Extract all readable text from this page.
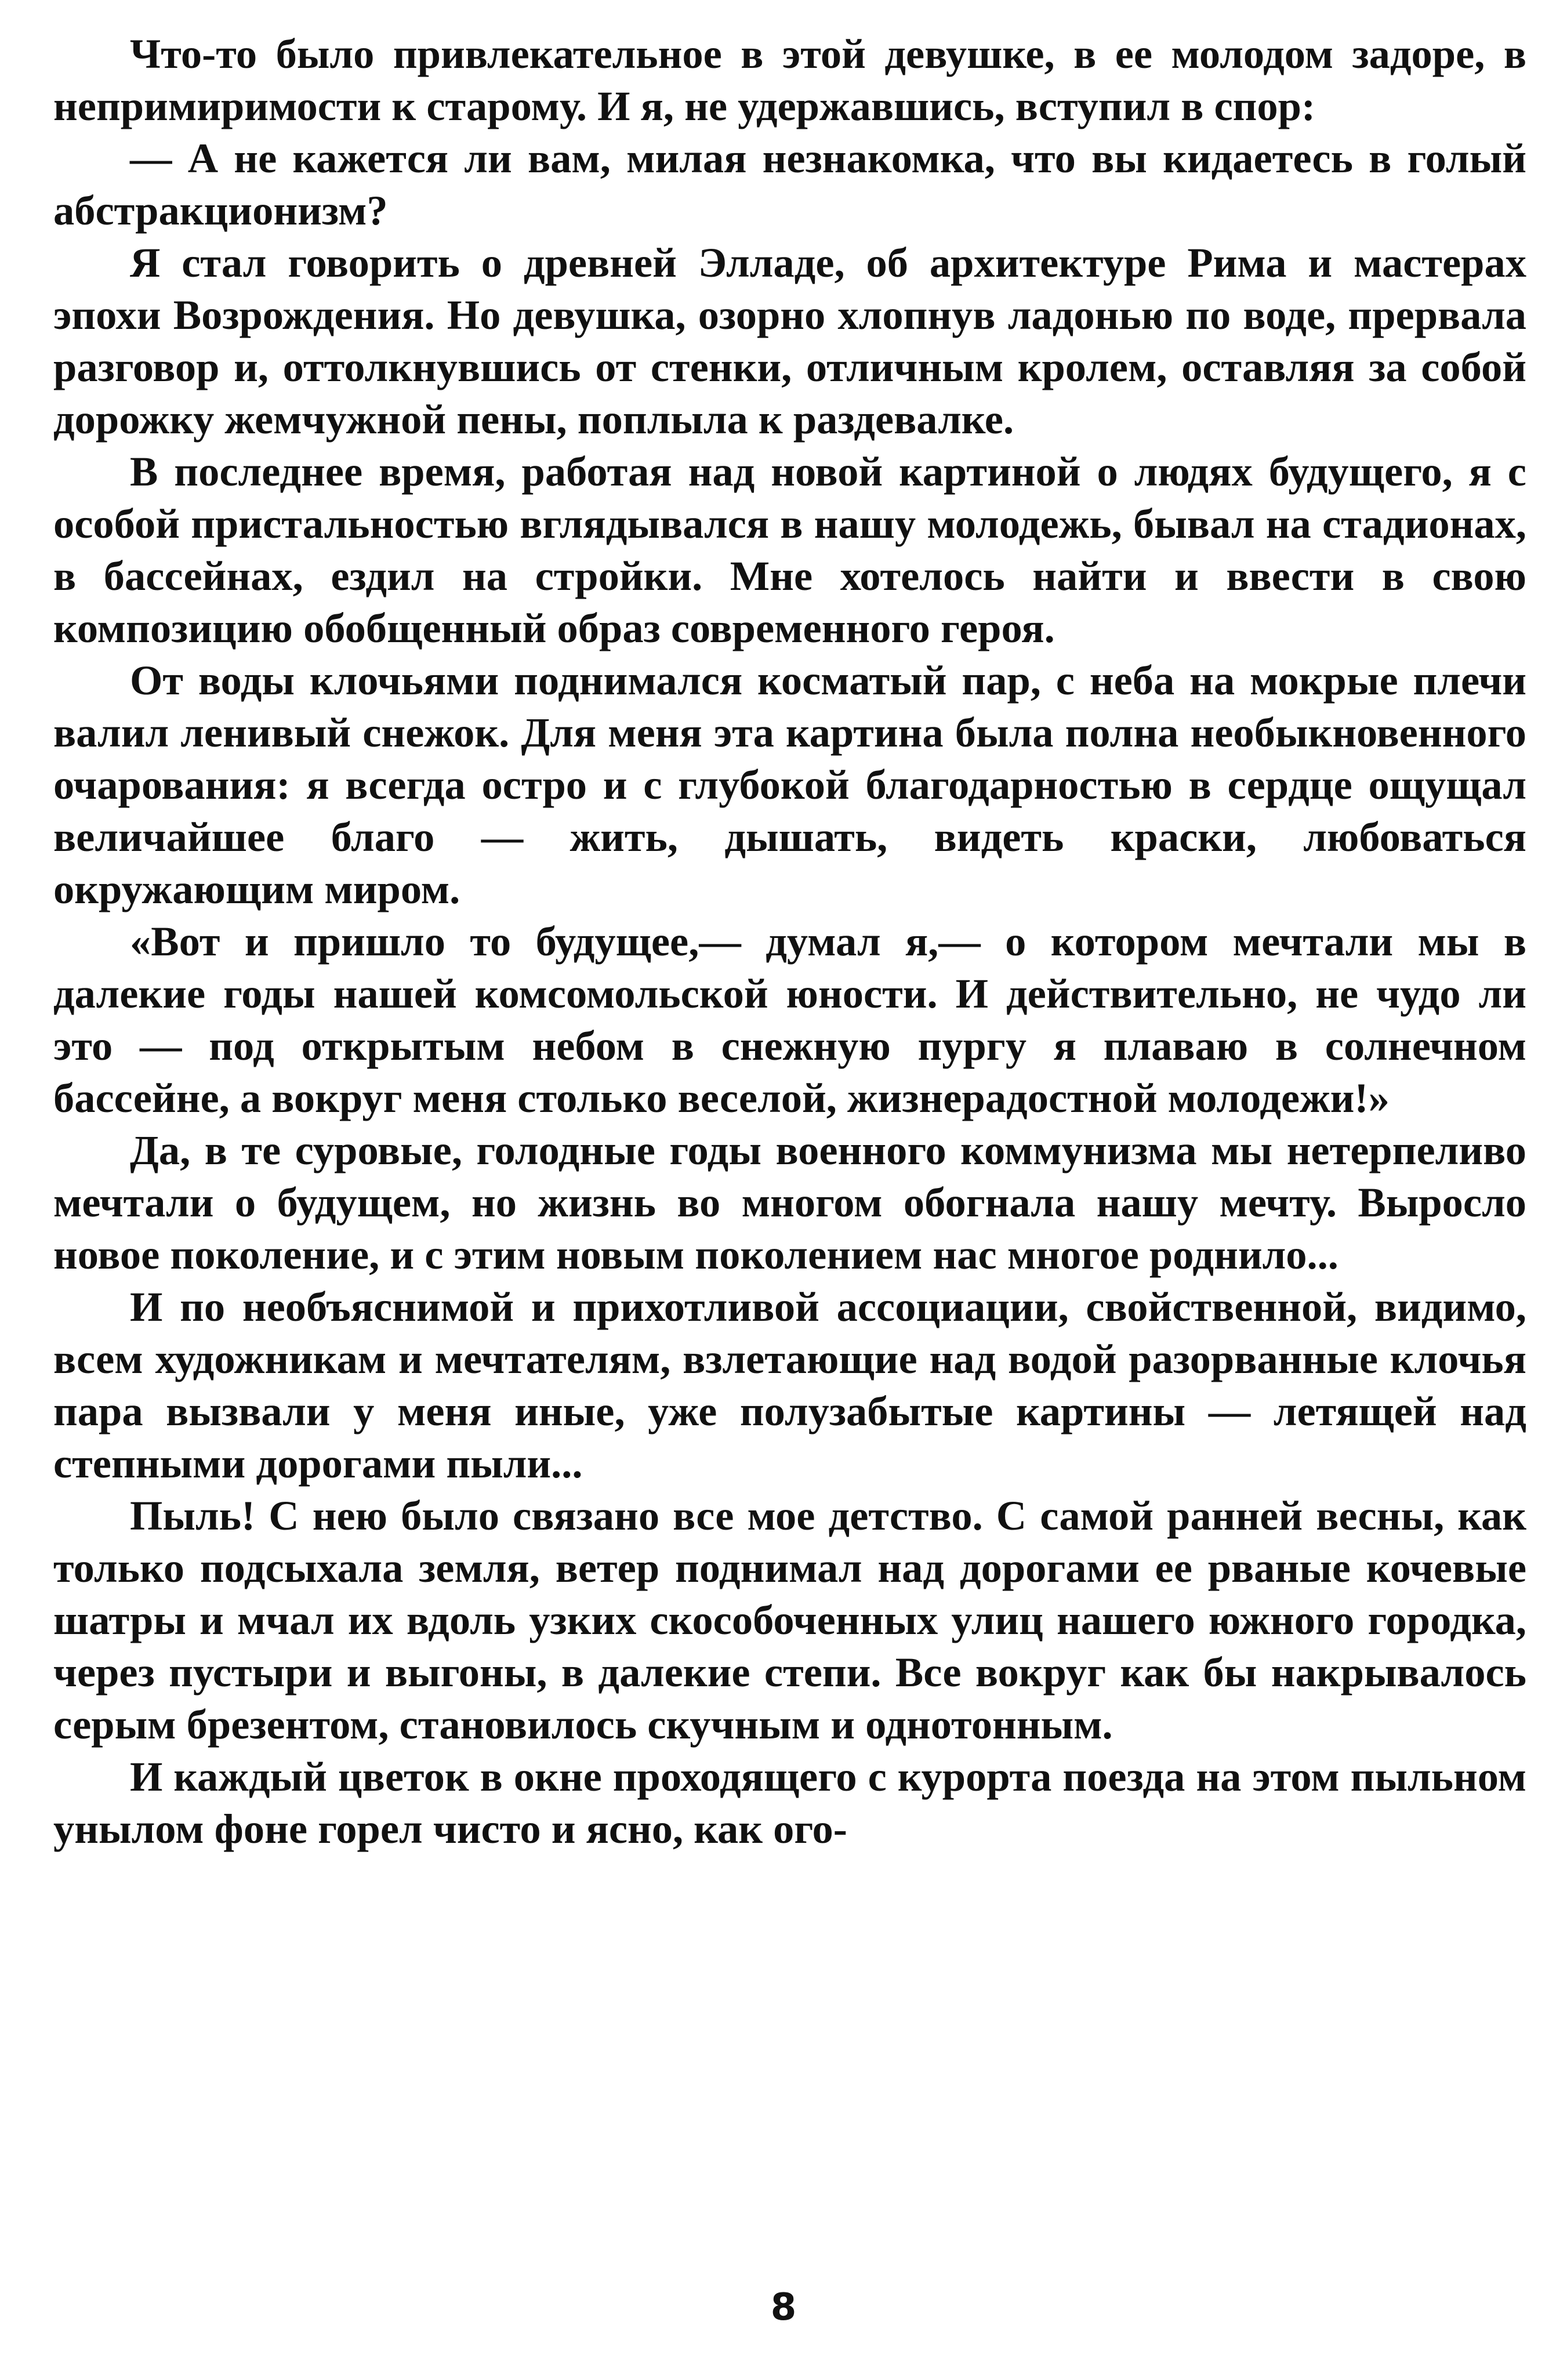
Что-то было привлекательное в этой девушке, в ее молодом задоре, в непримиримости к старому. И я, не удержавшись, вступил в спор:

— А не кажется ли вам, милая незнакомка, что вы кидаетесь в голый абстракционизм?

Я стал говорить о древней Элладе, об архитектуре Рима и мастерах эпохи Возрождения. Но девушка, озорно хлопнув ладонью по воде, прервала разговор и, оттолкнувшись от стенки, отличным кролем, оставляя за собой дорожку жемчужной пены, поплыла к раздевалке.

В последнее время, работая над новой картиной о людях будущего, я с особой пристальностью вглядывался в нашу молодежь, бывал на стадионах, в бассейнах, ездил на стройки. Мне хотелось найти и ввести в свою композицию обобщенный образ современного героя.

От воды клочьями поднимался косматый пар, с неба на мокрые плечи валил ленивый снежок. Для меня эта картина была полна необыкновенного очарования: я всегда остро и с глубокой благодарностью в сердце ощущал величайшее благо — жить, дышать, видеть краски, любоваться окружающим миром.

«Вот и пришло то будущее,— думал я,— о котором мечтали мы в далекие годы нашей комсомольской юности. И действительно, не чудо ли это — под открытым небом в снежную пургу я плаваю в солнечном бассейне, а вокруг меня столько веселой, жизнерадостной молодежи!»

Да, в те суровые, голодные годы военного коммунизма мы нетерпеливо мечтали о будущем, но жизнь во многом обогнала нашу мечту. Выросло новое поколение, и с этим новым поколением нас многое роднило...

И по необъяснимой и прихотливой ассоциации, свойственной, видимо, всем художникам и мечтателям, взлетающие над водой разорванные клочья пара вызвали у меня иные, уже полузабытые картины — летящей над степными дорогами пыли...

Пыль! С нею было связано все мое детство. С самой ранней весны, как только подсыхала земля, ветер поднимал над дорогами ее рваные кочевые шатры и мчал их вдоль узких скособоченных улиц нашего южного городка, через пустыри и выгоны, в далекие степи. Все вокруг как бы накрывалось серым брезентом, становилось скучным и однотонным.

И каждый цветок в окне проходящего с курорта поезда на этом пыльном унылом фоне горел чисто и ясно, как ого-

8
